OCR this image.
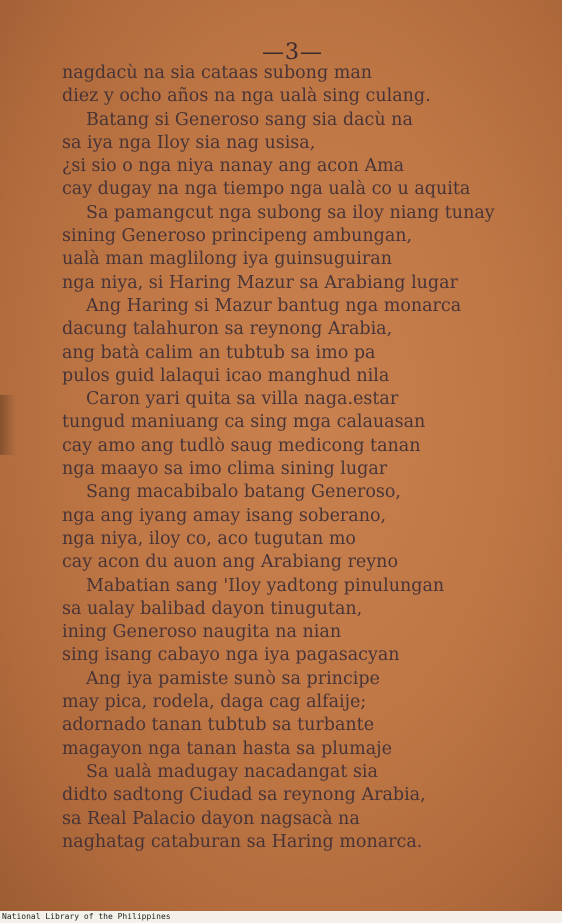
—3—
nagdacù na sia cataas subong man
diez y ocho años na nga ualà sing culang.
Batang si Generoso sang sia dacù na
sa iya nga Iloy sia nag usisa,
¿si sio o nga niya nanay ang acon Ama
cay dugay na nga tiempo nga ualà co u aquita
Sa pamangcut nga subong sa iloy niang tunay
sining Generoso principeng ambungan,
ualà man maglilong iya guinsuguiran
nga niya, si Haring Mazur sa Arabiang lugar
Ang Haring si Mazur bantug nga monarca
dacung talahuron sa reynong Arabia,
ang batà calim an tubtub sa imo pa
pulos guid lalaqui icao manghud nila
Caron yari quita sa villa naga.estar
tungud maniuang ca sing mga calauasan
cay amo ang tudlò saug medicong tanan
nga maayo sa imo clima sining lugar
Sang macabibalo batang Generoso,
nga ang iyang amay isang soberano,
nga niya, iloy co, aco tugutan mo
cay acon du auon ang Arabiang reyno
Mabatian sang 'Iloy yadtong pinulungan
sa ualay balibad dayon tinugutan,
ining Generoso naugita na nian
sing isang cabayo nga iya pagasacyan
Ang iya pamiste sunò sa principe
may pica, rodela, daga cag alfaije;
adornado tanan tubtub sa turbante
magayon nga tanan hasta sa plumaje
Sa ualà madugay nacadangat sia
didto sadtong Ciudad sa reynong Arabia,
sa Real Palacio dayon nagsacà na
naghatag cataburan sa Haring monarca.
National Library of the Philippines
